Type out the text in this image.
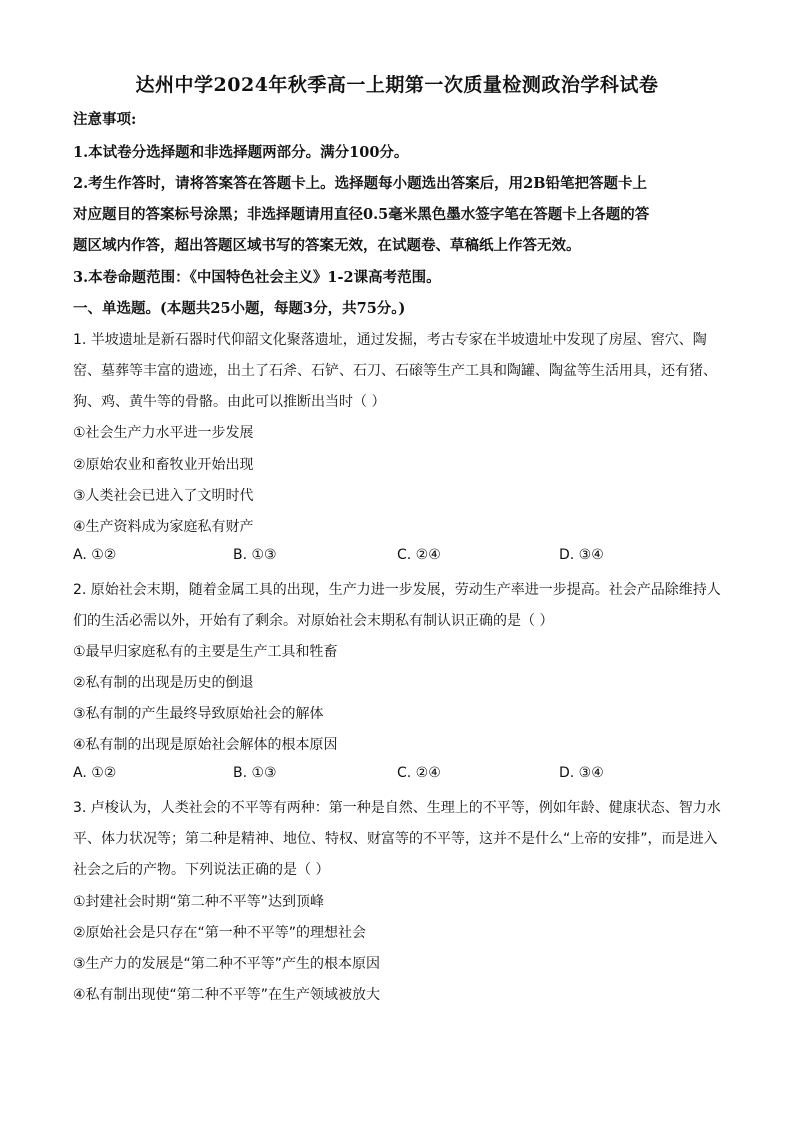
达州中学2024年秋季高一上期第一次质量检测政治学科试卷
注意事项:
1.本试卷分选择题和非选择题两部分。满分100分。
2.考生作答时，请将答案答在答题卡上。选择题每小题选出答案后，用2B铅笔把答题卡上
对应题目的答案标号涂黑；非选择题请用直径0.5毫米黑色墨水签字笔在答题卡上各题的答
题区域内作答，超出答题区域书写的答案无效，在试题卷、草稿纸上作答无效。
3.本卷命题范围：《中国特色社会主义》1-2课高考范围。
一、单选题。(本题共25小题，每题3分，共75分。)
1. 半坡遗址是新石器时代仰韶文化聚落遗址，通过发掘，考古专家在半坡遗址中发现了房屋、窖穴、陶
窑、墓葬等丰富的遗迹，出土了石斧、石铲、石刀、石磙等生产工具和陶罐、陶盆等生活用具，还有猪、
狗、鸡、黄牛等的骨骼。由此可以推断出当时（ ）
①社会生产力水平进一步发展
②原始农业和畜牧业开始出现
③人类社会已进入了文明时代
④生产资料成为家庭私有财产
A. ①②	B. ①③	C. ②④	D. ③④
2. 原始社会末期，随着金属工具的出现，生产力进一步发展，劳动生产率进一步提高。社会产品除维持人
们的生活必需以外，开始有了剩余。对原始社会末期私有制认识正确的是（ ）
①最早归家庭私有的主要是生产工具和牲畜
②私有制的出现是历史的倒退
③私有制的产生最终导致原始社会的解体
④私有制的出现是原始社会解体的根本原因
A. ①②	B. ①③	C. ②④	D. ③④
3. 卢梭认为，人类社会的不平等有两种：第一种是自然、生理上的不平等，例如年龄、健康状态、智力水
平、体力状况等；第二种是精神、地位、特权、财富等的不平等，这并不是什么“上帝的安排”，而是进入
社会之后的产物。下列说法正确的是（ ）
①封建社会时期“第二种不平等”达到顶峰
②原始社会是只存在“第一种不平等”的理想社会
③生产力的发展是“第二种不平等”产生的根本原因
④私有制出现使“第二种不平等”在生产领域被放大
